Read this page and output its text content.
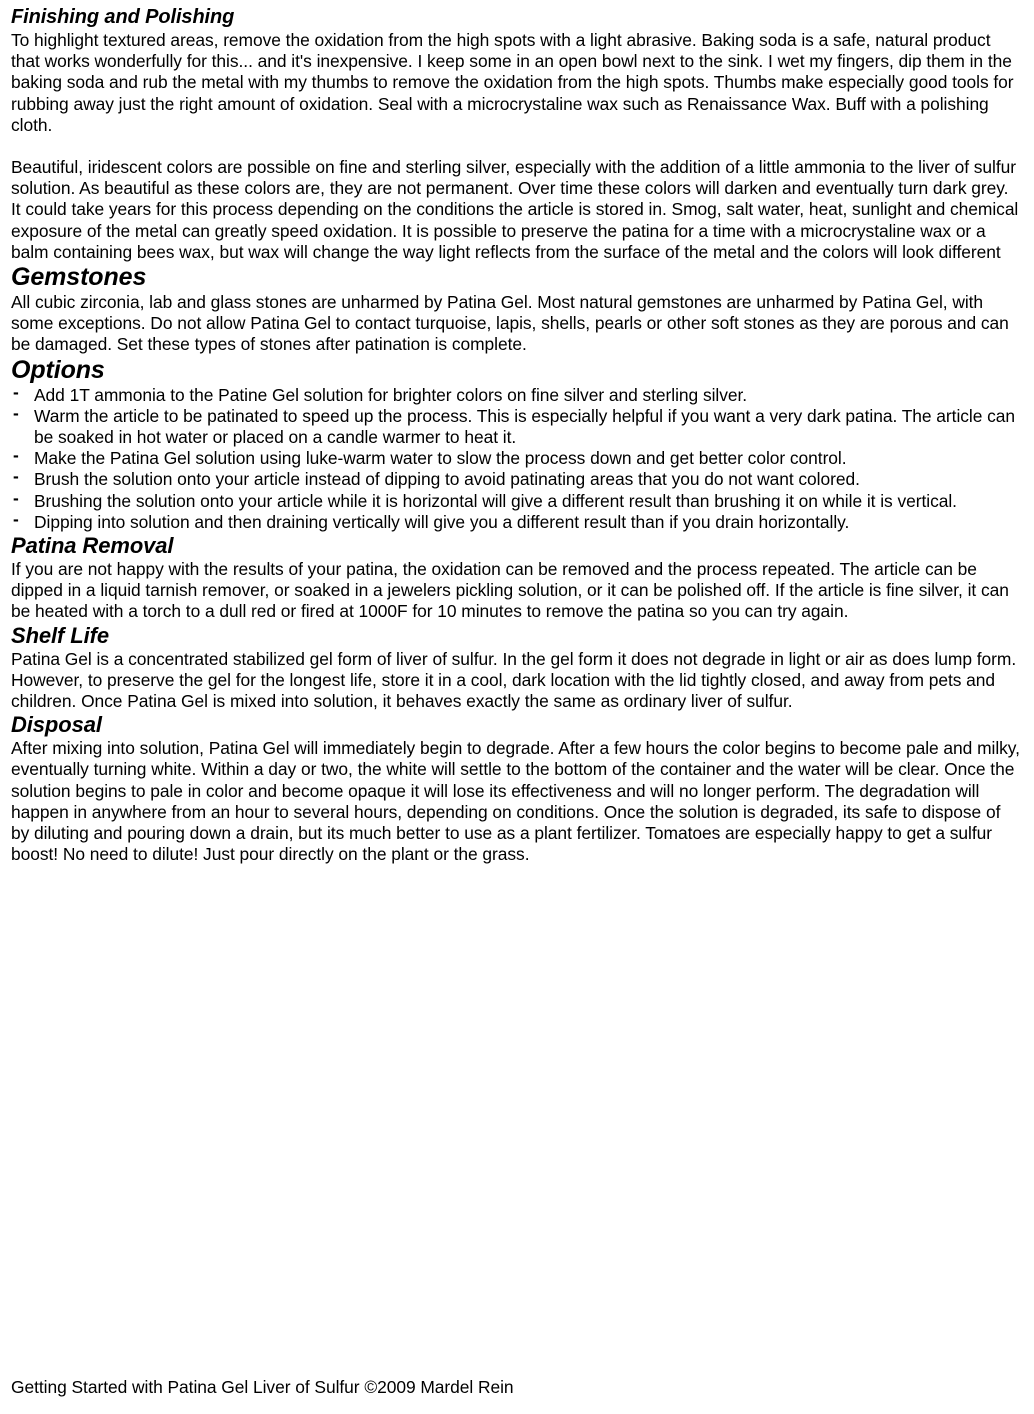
Finishing and Polishing

To highlight textured areas, remove the oxidation from the high spots with a light abrasive. Baking soda is a safe, natural product that works wonderfully for this... and it's inexpensive. I keep some in an open bowl next to the sink. I wet my fingers, dip them in the baking soda and rub the metal with my thumbs to remove the oxidation from the high spots. Thumbs make especially good tools for rubbing away just the right amount of oxidation. Seal with a microcrystaline wax such as Renaissance Wax. Buff with a polishing cloth.

Beautiful, iridescent colors are possible on fine and sterling silver, especially with the addition of a little ammonia to the liver of sulfur solution. As beautiful as these colors are, they are not permanent. Over time these colors will darken and eventually turn dark grey. It could take years for this process depending on the conditions the article is stored in. Smog, salt water, heat, sunlight and chemical exposure of the metal can greatly speed oxidation. It is possible to preserve the patina for a time with a microcrystaline wax or a balm containing bees wax, but wax will change the way light reflects from the surface of the metal and the colors will look different

Gemstones

All cubic zirconia, lab and glass stones are unharmed by Patina Gel. Most natural gemstones are unharmed by Patina Gel, with some exceptions. Do not allow Patina Gel to contact turquoise, lapis, shells, pearls or other soft stones as they are porous and can be damaged. Set these types of stones after patination is complete.

Options
- Add 1T ammonia to the Patine Gel solution for brighter colors on fine silver and sterling silver.
- Warm the article to be patinated to speed up the process. This is especially helpful if you want a very dark patina. The article can be soaked in hot water or placed on a candle warmer to heat it.
- Make the Patina Gel solution using luke-warm water to slow the process down and get better color control.
- Brush the solution onto your article instead of dipping to avoid patinating areas that you do not want colored.
- Brushing the solution onto your article while it is horizontal will give a different result than brushing it on while it is vertical.
- Dipping into solution and then draining vertically will give you a different result than if you drain horizontally.
Patina Removal

If you are not happy with the results of your patina, the oxidation can be removed and the process repeated. The article can be dipped in a liquid tarnish remover, or soaked in a jewelers pickling solution, or it can be polished off. If the article is fine silver, it can be heated with a torch to a dull red or fired at 1000F for 10 minutes to remove the patina so you can try again.

Shelf Life

Patina Gel is a concentrated stabilized gel form of liver of sulfur. In the gel form it does not degrade in light or air as does lump form. However, to preserve the gel for the longest life, store it in a cool, dark location with the lid tightly closed, and away from pets and children. Once Patina Gel is mixed into solution, it behaves exactly the same as ordinary liver of sulfur.

Disposal

After mixing into solution, Patina Gel will immediately begin to degrade. After a few hours the color begins to become pale and milky, eventually turning white. Within a day or two, the white will settle to the bottom of the container and the water will be clear. Once the solution begins to pale in color and become opaque it will lose its effectiveness and will no longer perform. The degradation will happen in anywhere from an hour to several hours, depending on conditions. Once the solution is degraded, its safe to dispose of by diluting and pouring down a drain, but its much better to use as a plant fertilizer. Tomatoes are especially happy to get a sulfur boost! No need to dilute! Just pour directly on the plant or the grass.

Getting Started with Patina Gel Liver of Sulfur ©2009 Mardel Rein
